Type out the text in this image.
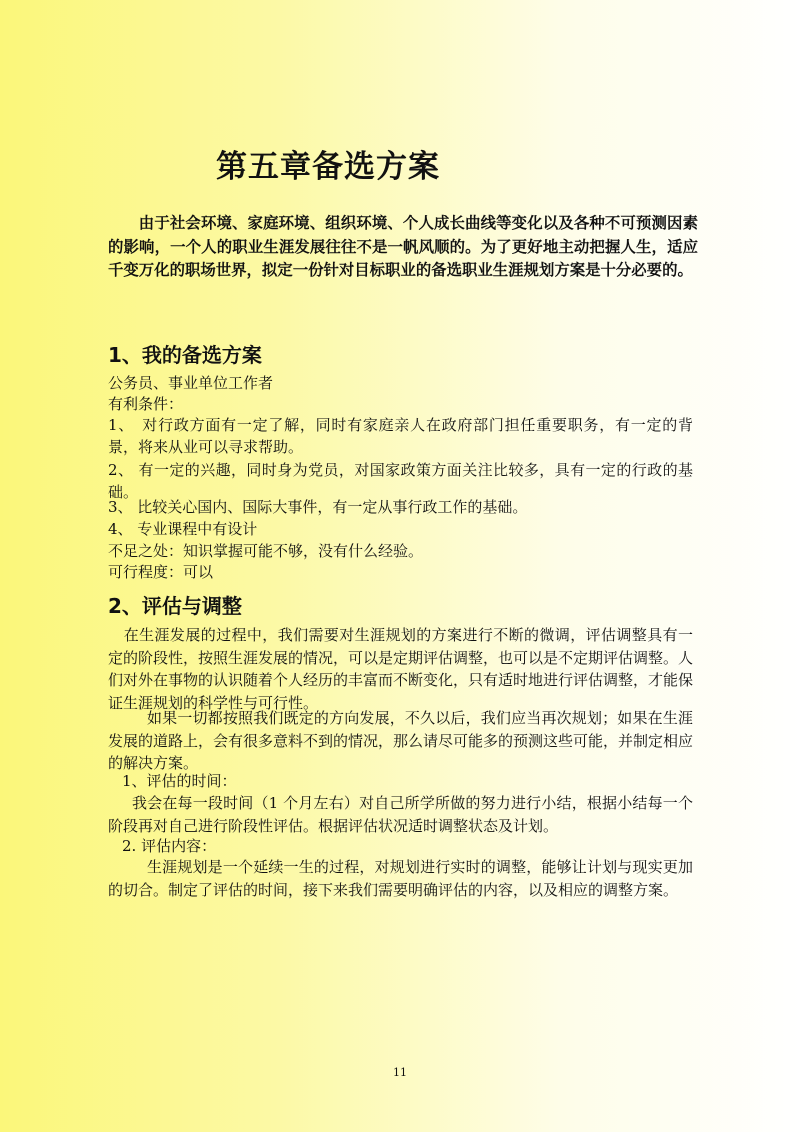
第五章备选方案

由于社会环境、家庭环境、组织环境、个人成长曲线等变化以及各种不可预测因素的影响，一个人的职业生涯发展往往不是一帆风顺的。为了更好地主动把握人生，适应千变万化的职场世界，拟定一份针对目标职业的备选职业生涯规划方案是十分必要的。

1、我的备选方案

公务员、事业单位工作者

有利条件：

1、　对行政方面有一定了解，同时有家庭亲人在政府部门担任重要职务，有一定的背景，将来从业可以寻求帮助。

2、 有一定的兴趣，同时身为党员，对国家政策方面关注比较多，具有一定的行政的基础。

3、 比较关心国内、国际大事件，有一定从事行政工作的基础。

4、 专业课程中有设计

不足之处：知识掌握可能不够，没有什么经验。

可行程度：可以

2、评估与调整

在生涯发展的过程中，我们需要对生涯规划的方案进行不断的微调，评估调整具有一定的阶段性，按照生涯发展的情况，可以是定期评估调整，也可以是不定期评估调整。人们对外在事物的认识随着个人经历的丰富而不断变化，只有适时地进行评估调整，才能保证生涯规划的科学性与可行性。

如果一切都按照我们既定的方向发展，不久以后，我们应当再次规划；如果在生涯发展的道路上，会有很多意料不到的情况，那么请尽可能多的预测这些可能，并制定相应的解决方案。

1、评估的时间：

我会在每一段时间（1 个月左右）对自己所学所做的努力进行小结，根据小结每一个阶段再对自己进行阶段性评估。根据评估状况适时调整状态及计划。

2. 评估内容：

生涯规划是一个延续一生的过程，对规划进行实时的调整，能够让计划与现实更加的切合。制定了评估的时间，接下来我们需要明确评估的内容，以及相应的调整方案。

11
